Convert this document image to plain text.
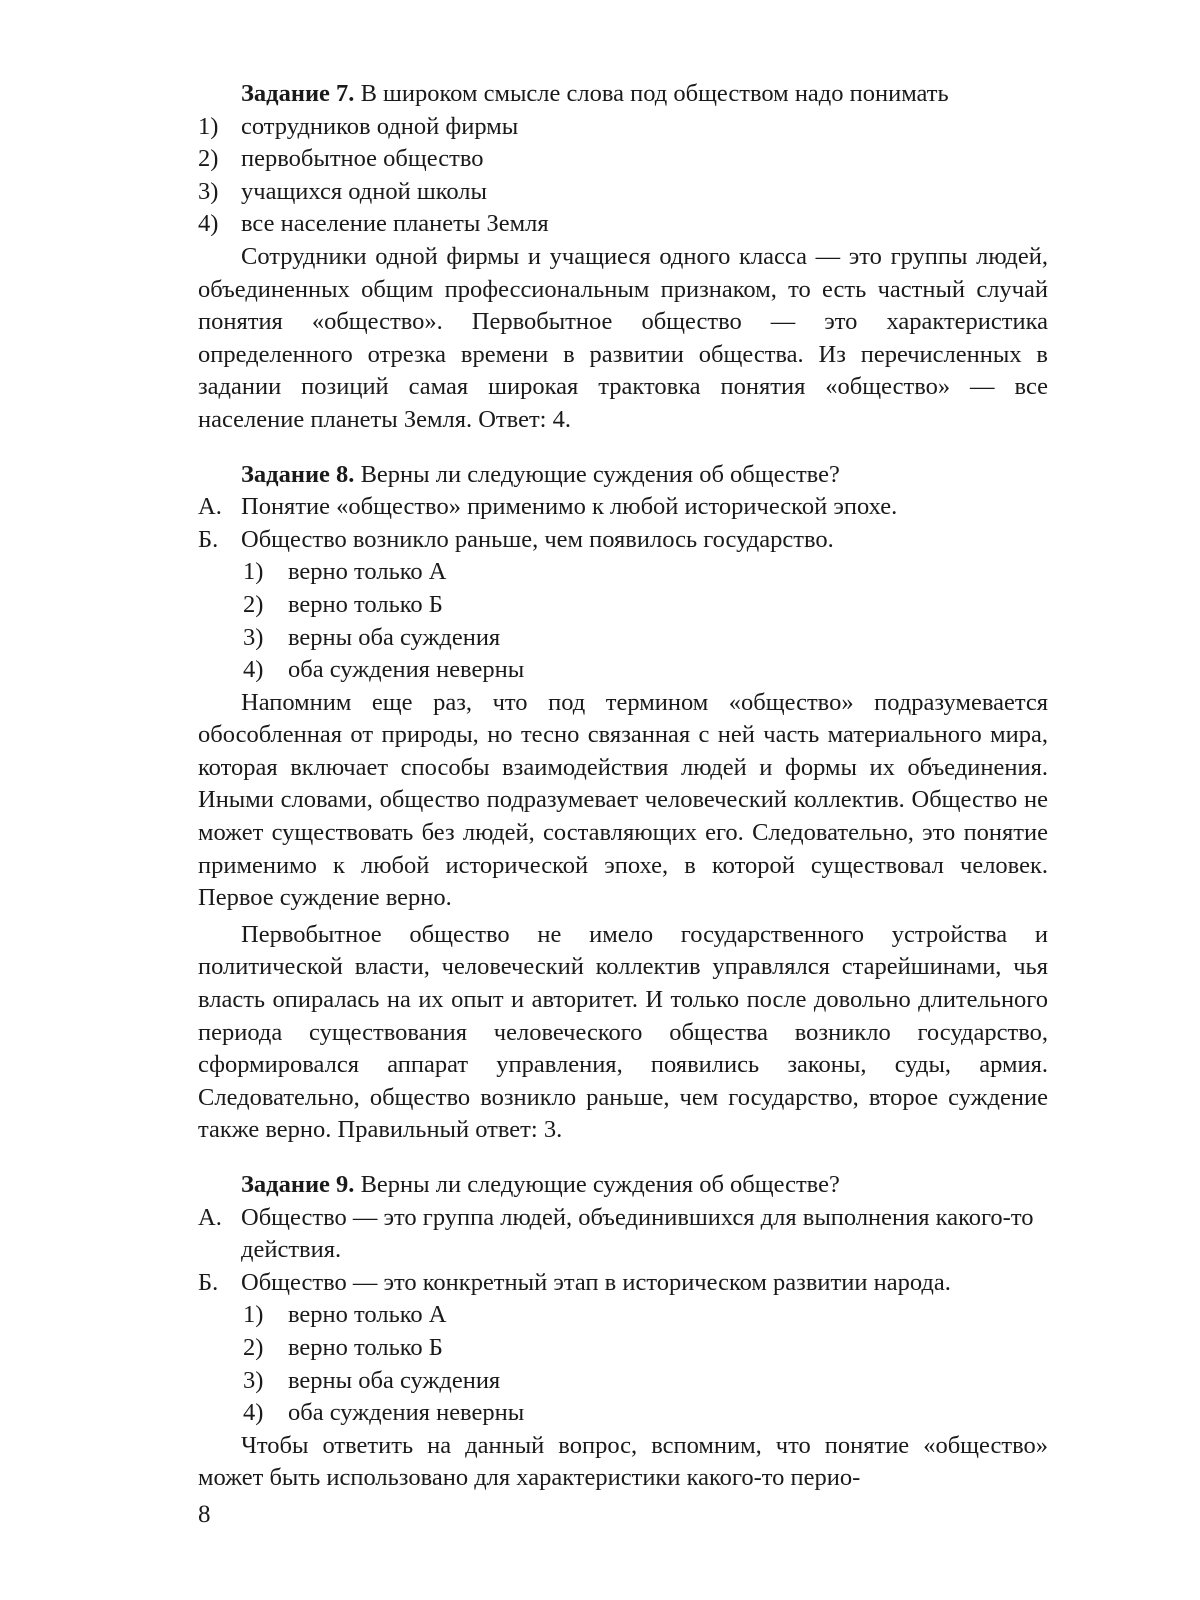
Задание 7. В широком смысле слова под обществом надо понимать

1) сотрудников одной фирмы
2) первобытное общество
3) учащихся одной школы
4) все население планеты Земля

Сотрудники одной фирмы и учащиеся одного класса — это группы людей, объединенных общим профессиональным признаком, то есть частный случай понятия «общество». Первобытное общество — это характеристика определенного отрезка времени в развитии общества. Из перечисленных в задании позиций самая широкая трактовка понятия «общество» — все население планеты Земля. Ответ: 4.

Задание 8. Верны ли следующие суждения об обществе?

А. Понятие «общество» применимо к любой исторической эпохе.
Б. Общество возникло раньше, чем появилось государство.
1) верно только А
2) верно только Б
3) верны оба суждения
4) оба суждения неверны

Напомним еще раз, что под термином «общество» подразумевается обособленная от природы, но тесно связанная с ней часть материального мира, которая включает способы взаимодействия людей и формы их объединения. Иными словами, общество подразумевает человеческий коллектив. Общество не может существовать без людей, составляющих его. Следовательно, это понятие применимо к любой исторической эпохе, в которой существовал человек. Первое суждение верно.

Первобытное общество не имело государственного устройства и политической власти, человеческий коллектив управлялся старейшинами, чья власть опиралась на их опыт и авторитет. И только после довольно длительного периода существования человеческого общества возникло государство, сформировался аппарат управления, появились законы, суды, армия. Следовательно, общество возникло раньше, чем государство, второе суждение также верно. Правильный ответ: 3.

Задание 9. Верны ли следующие суждения об обществе?

А. Общество — это группа людей, объединившихся для выполнения какого-то действия.
Б. Общество — это конкретный этап в историческом развитии народа.
1) верно только А
2) верно только Б
3) верны оба суждения
4) оба суждения неверны

Чтобы ответить на данный вопрос, вспомним, что понятие «общество» может быть использовано для характеристики какого-то перио-

8
